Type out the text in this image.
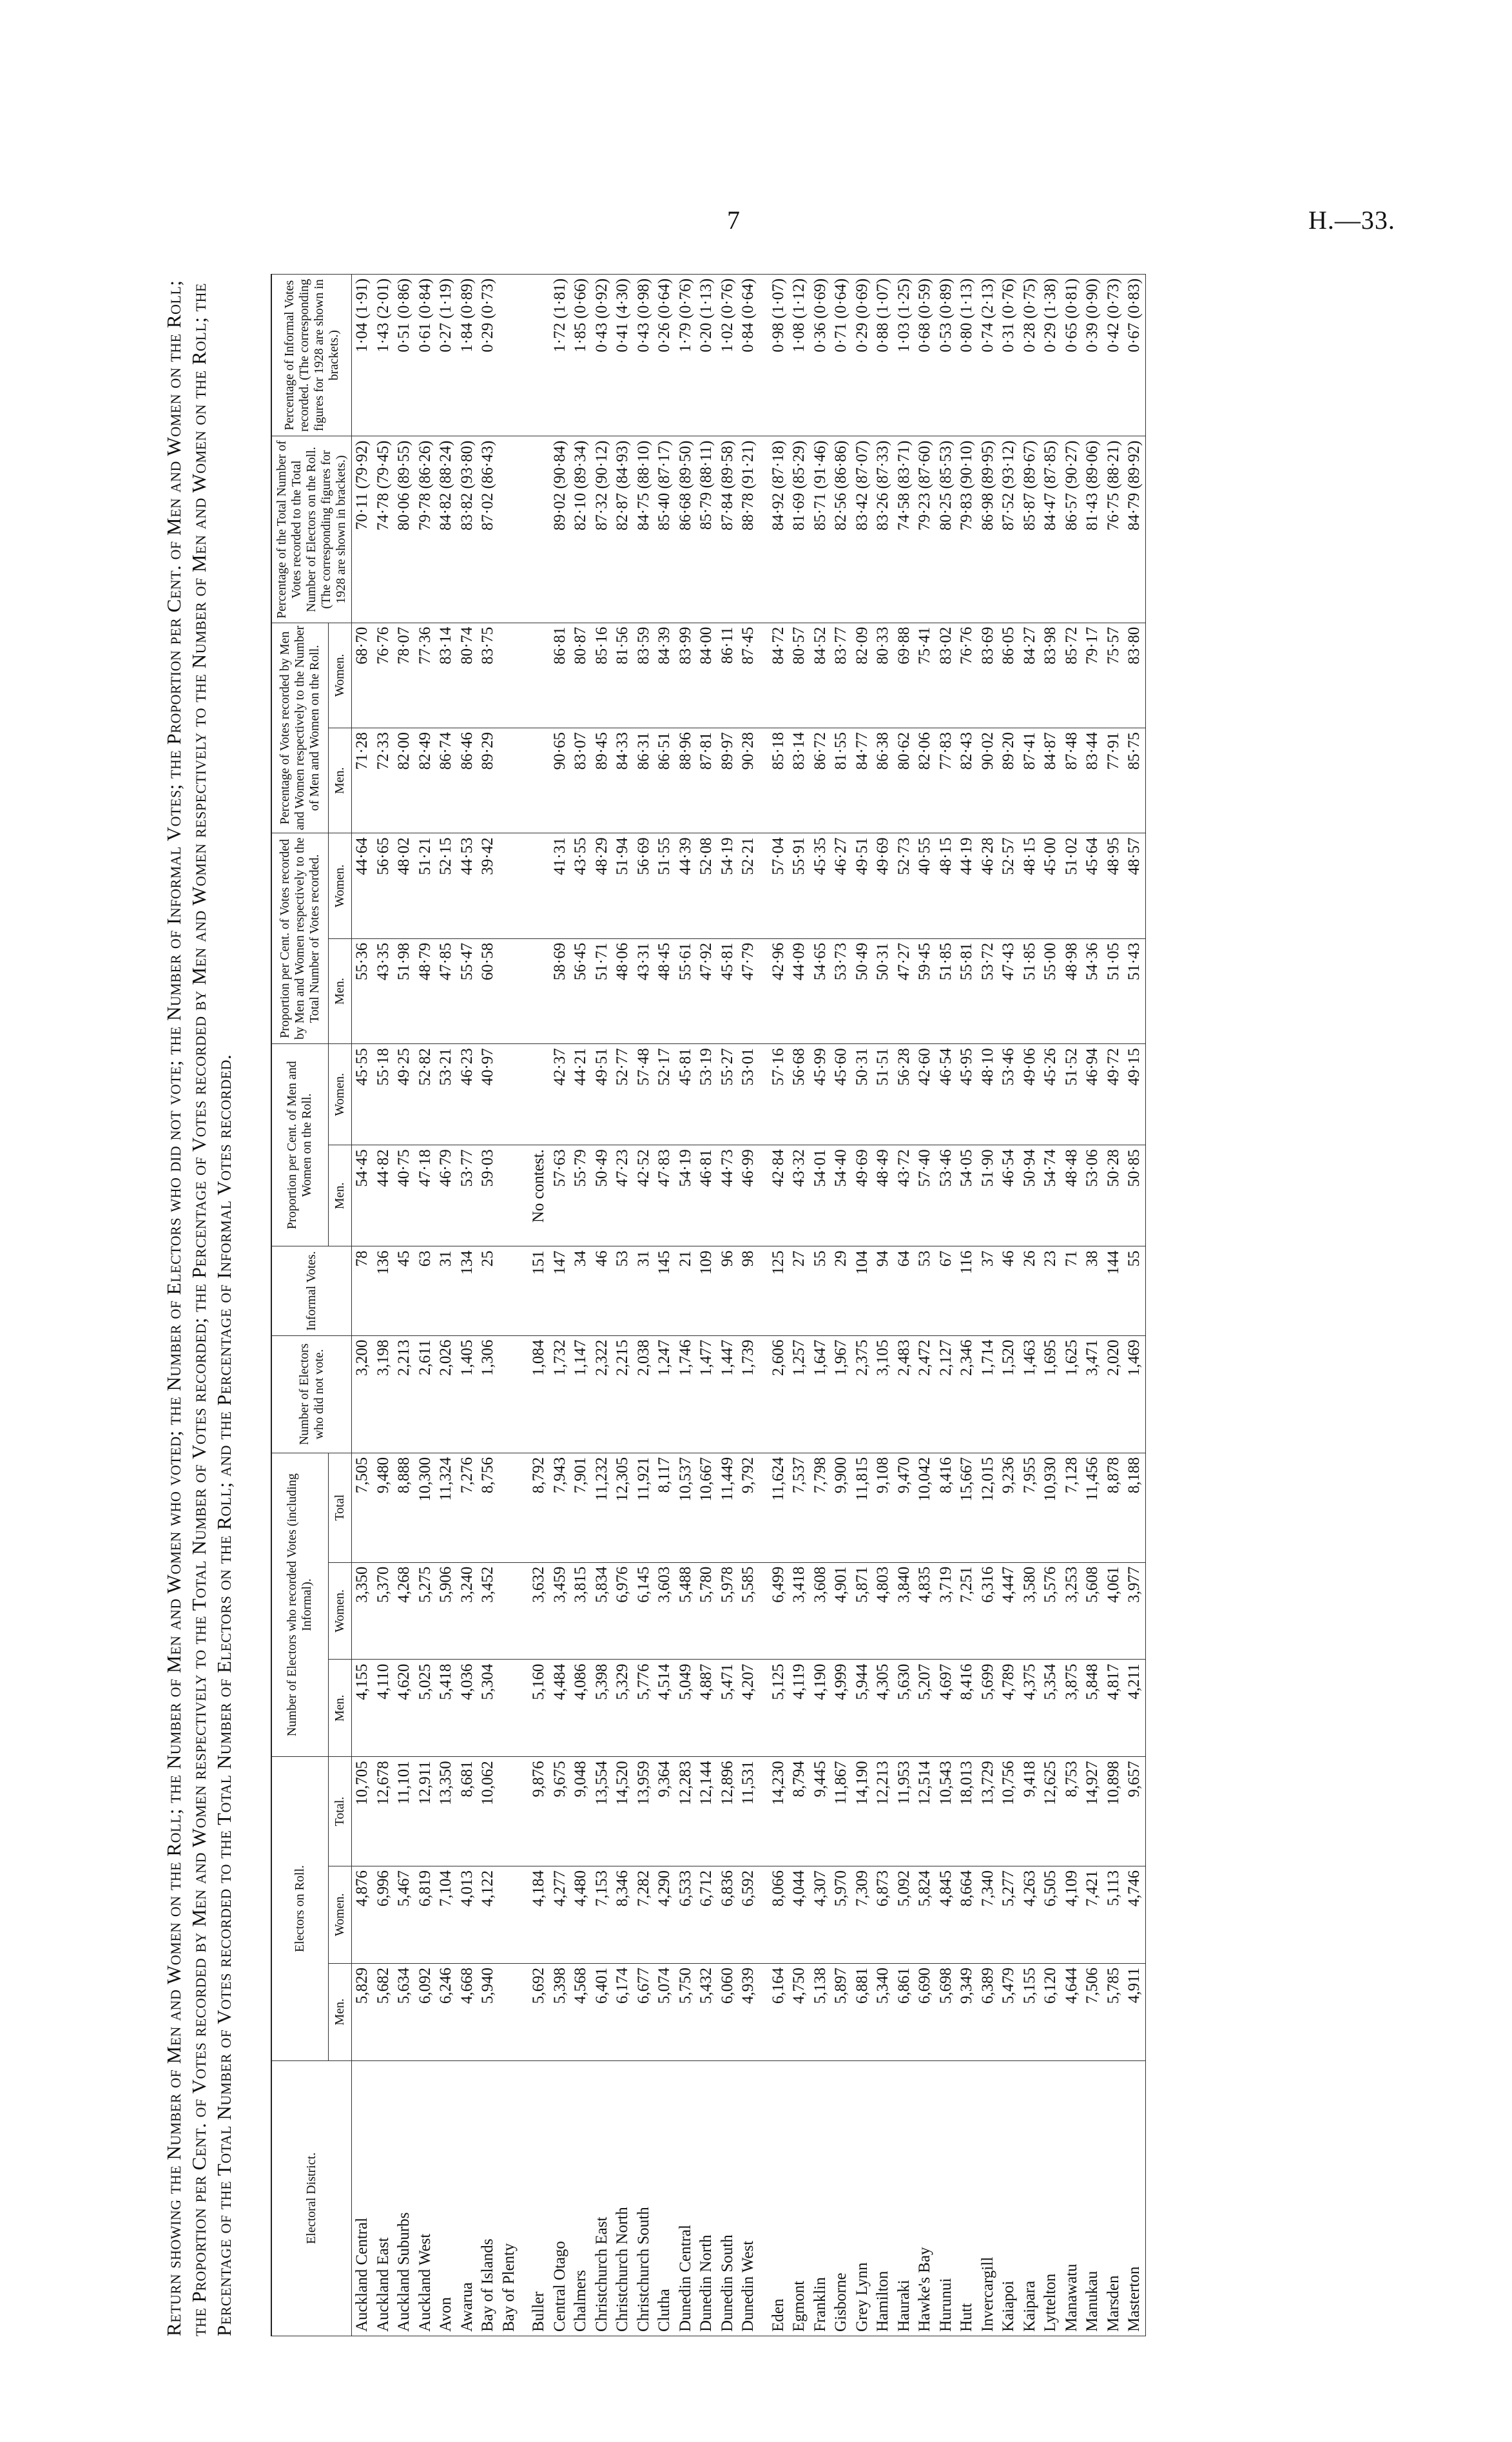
7	H.—33.
Return showing the Number of Men and Women on the Roll; the Number of Men and Women who voted; the Number of Electors who did not vote; the Number of Informal Votes; the Proportion per Cent. of Men and Women on the Roll; the Proportion per Cent. of Votes recorded by Men and Women respectively to the Total Number of Votes recorded; the Percentage of Votes recorded by Men and Women respectively to the Number of Men and Women on the Roll; the Percentage of the Total Number of Votes recorded to the Total Number of Electors on the Roll; and the Percentage of Informal Votes recorded.	Electoral District.	Electors on Roll.			Number of Electors who recorded Votes (including Informal).			Number of Electors who did not vote.	Informal Votes.	Proportion per Cent. of Men and Women on the Roll.		Proportion per Cent. of Votes recorded by Men and Women respectively to the Total Number of Votes recorded.		Percentage of Votes recorded by Men and Women respectively to the Number of Men and Women on the Roll.		Percentage of the Total Number of Votes recorded to the Total Number of Electors on the Roll. (The corresponding figures for 1928 are shown in brackets.)	Percentage of Informal Votes recorded. (The corresponding figures for 1928 are shown in brackets.)
	Men.	Women.	Total.	Men.	Women.	Total			Men.	Women.	Men.	Women.	Men.	Women.		
Auckland Central	5,829	4,876	10,705	4,155	3,350	7,505	3,200	78	54·45	45·55	55·36	44·64	71·28	68·70	70·11 (79·92)	1·04 (1·91)
Auckland East	5,682	6,996	12,678	4,110	5,370	9,480	3,198	136	44·82	55·18	43·35	56·65	72·33	76·76	74·78 (79·45)	1·43 (2·01)
Auckland Suburbs	5,634	5,467	11,101	4,620	4,268	8,888	2,213	45	40·75	49·25	51·98	48·02	82·00	78·07	80·06 (89·55)	0·51 (0·86)
Auckland West	6,092	6,819	12,911	5,025	5,275	10,300	2,611	63	47·18	52·82	48·79	51·21	82·49	77·36	79·78 (86·26)	0·61 (0·84)
Avon	6,246	7,104	13,350	5,418	5,906	11,324	2,026	31	46·79	53·21	47·85	52·15	86·74	83·14	84·82 (88·24)	0·27 (1·19)
Awarua	4,668	4,013	8,681	4,036	3,240	7,276	1,405	134	53·77	46·23	55·47	44·53	86·46	80·74	83·82 (93·80)	1·84 (0·89)
Bay of Islands	5,940	4,122	10,062	5,304	3,452	8,756	1,306	25	59·03	40·97	60·58	39·42	89·29	83·75	87·02 (86·43)	0·29 (0·73)
Bay of Plenty																
Buller	5,692	4,184	9,876	5,160	3,632	8,792	1,084	151	No contest.							
Central Otago	5,398	4,277	9,675	4,484	3,459	7,943	1,732	147	57·63	42·37	58·69	41·31	90·65	86·81	89·02 (90·84)	1·72 (1·81)
Chalmers	4,568	4,480	9,048	4,086	3,815	7,901	1,147	34	55·79	44·21	56·45	43·55	83·07	80·87	82·10 (89·34)	1·85 (0·66)
Christchurch East	6,401	7,153	13,554	5,398	5,834	11,232	2,322	46	50·49	49·51	51·71	48·29	89·45	85·16	87·32 (90·12)	0·43 (0·92)
Christchurch North	6,174	8,346	14,520	5,329	6,976	12,305	2,215	53	47·23	52·77	48·06	51·94	84·33	81·56	82·87 (84·93)	0·41 (4·30)
Christchurch South	6,677	7,282	13,959	5,776	6,145	11,921	2,038	31	42·52	57·48	43·31	56·69	86·31	83·59	84·75 (88·10)	0·43 (0·98)
Clutha	5,074	4,290	9,364	4,514	3,603	8,117	1,247	145	47·83	52·17	48·45	51·55	86·51	84·39	85·40 (87·17)	0·26 (0·64)
Dunedin Central	5,750	6,533	12,283	5,049	5,488	10,537	1,746	21	54·19	45·81	55·61	44·39	88·96	83·99	86·68 (89·50)	1·79 (0·76)
Dunedin North	5,432	6,712	12,144	4,887	5,780	10,667	1,477	109	46·81	53·19	47·92	52·08	87·81	84·00	85·79 (88·11)	0·20 (1·13)
Dunedin South	6,060	6,836	12,896	5,471	5,978	11,449	1,447	96	44·73	55·27	45·81	54·19	89·97	86·11	87·84 (89·58)	1·02 (0·76)
Dunedin West	4,939	6,592	11,531	4,207	5,585	9,792	1,739	98	46·99	53·01	47·79	52·21	90·28	87·45	88·78 (91·21)	0·84 (0·64)
Eden	6,164	8,066	14,230	5,125	6,499	11,624	2,606	125	42·84	57·16	42·96	57·04	85·18	84·72	84·92 (87·18)	0·98 (1·07)
Egmont	4,750	4,044	8,794	4,119	3,418	7,537	1,257	27	43·32	56·68	44·09	55·91	83·14	80·57	81·69 (85·29)	1·08 (1·12)
Franklin	5,138	4,307	9,445	4,190	3,608	7,798	1,647	55	54·01	45·99	54·65	45·35	86·72	84·52	85·71 (91·46)	0·36 (0·69)
Gisborne	5,897	5,970	11,867	4,999	4,901	9,900	1,967	29	54·40	45·60	53·73	46·27	81·55	83·77	82·56 (86·86)	0·71 (0·64)
Grey Lynn	6,881	7,309	14,190	5,944	5,871	11,815	2,375	104	49·69	50·31	50·49	49·51	84·77	82·09	83·42 (87·07)	0·29 (0·69)
Hamilton	5,340	6,873	12,213	4,305	4,803	9,108	3,105	94	48·49	51·51	50·31	49·69	86·38	80·33	83·26 (87·33)	0·88 (1·07)
Hauraki	6,861	5,092	11,953	5,630	3,840	9,470	2,483	64	43·72	56·28	47·27	52·73	80·62	69·88	74·58 (83·71)	1·03 (1·25)
Hawke's Bay	6,690	5,824	12,514	5,207	4,835	10,042	2,472	53	57·40	42·60	59·45	40·55	82·06	75·41	79·23 (87·60)	0·68 (0·59)
Hurunui	5,698	4,845	10,543	4,697	3,719	8,416	2,127	67	53·46	46·54	51·85	48·15	77·83	83·02	80·25 (85·53)	0·53 (0·89)
Hutt	9,349	8,664	18,013	8,416	7,251	15,667	2,346	116	54·05	45·95	55·81	44·19	82·43	76·76	79·83 (90·10)	0·80 (1·13)
Invercargill	6,389	7,340	13,729	5,699	6,316	12,015	1,714	37	51·90	48·10	53·72	46·28	90·02	83·69	86·98 (89·95)	0·74 (2·13)
Kaiapoi	5,479	5,277	10,756	4,789	4,447	9,236	1,520	46	46·54	53·46	47·43	52·57	89·20	86·05	87·52 (93·12)	0·31 (0·76)
Kaipara	5,155	4,263	9,418	4,375	3,580	7,955	1,463	26	50·94	49·06	51·85	48·15	87·41	84·27	85·87 (89·67)	0·28 (0·75)
Lyttelton	6,120	6,505	12,625	5,354	5,576	10,930	1,695	23	54·74	45·26	55·00	45·00	84·87	83·98	84·47 (87·85)	0·29 (1·38)
Manawatu	4,644	4,109	8,753	3,875	3,253	7,128	1,625	71	48·48	51·52	48·98	51·02	87·48	85·72	86·57 (90·27)	0·65 (0·81)
Manukau	7,506	7,421	14,927	5,848	5,608	11,456	3,471	38	53·06	46·94	54·36	45·64	83·44	79·17	81·43 (89·06)	0·39 (0·90)
Marsden	5,785	5,113	10,898	4,817	4,061	8,878	2,020	144	50·28	49·72	51·05	48·95	77·91	75·57	76·75 (88·21)	0·42 (0·73)
Masterton	4,911	4,746	9,657	4,211	3,977	8,188	1,469	55	50·85	49·15	51·43	48·57	85·75	83·80	84·79 (89·92)	0·67 (0·83)
